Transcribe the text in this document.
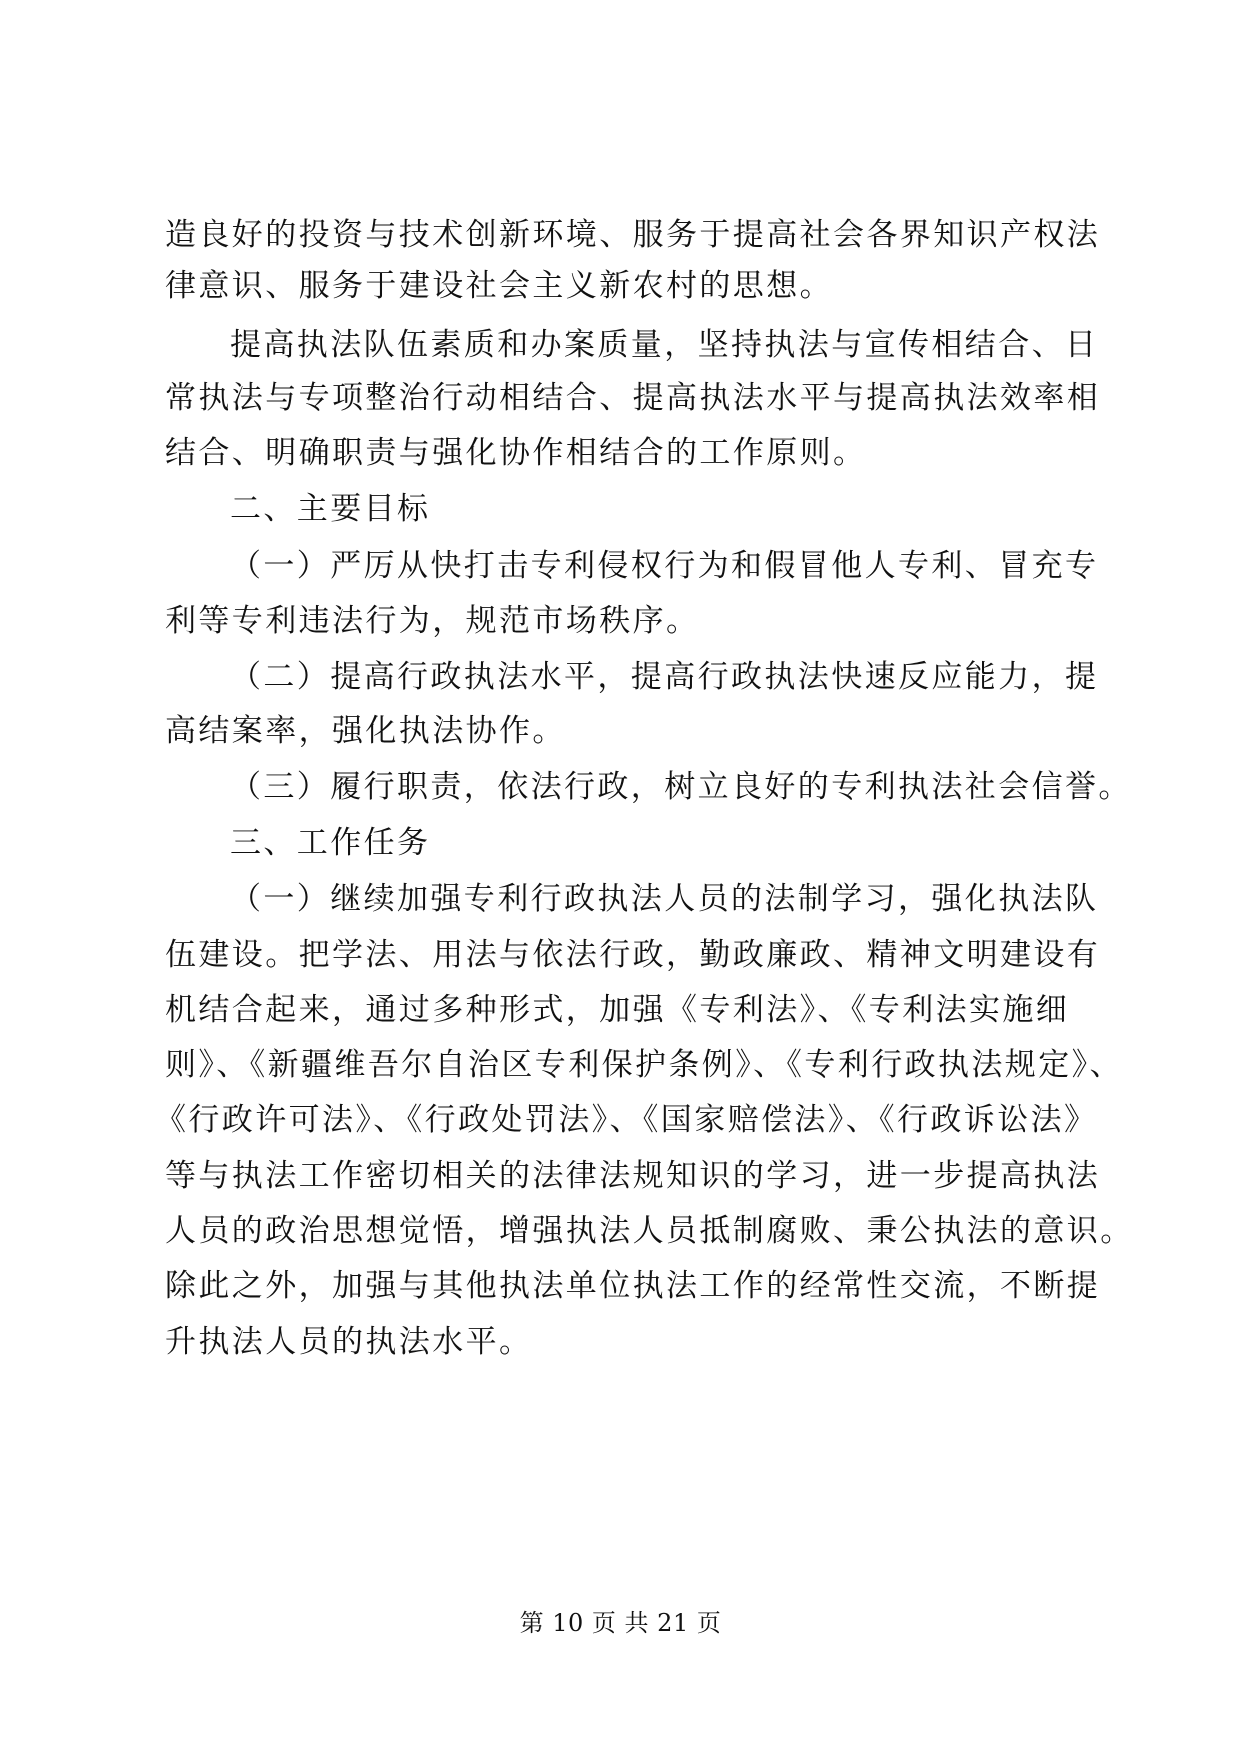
造良好的投资与技术创新环境、服务于提高社会各界知识产权法
律意识、服务于建设社会主义新农村的思想。
提高执法队伍素质和办案质量，坚持执法与宣传相结合、日
常执法与专项整治行动相结合、提高执法水平与提高执法效率相
结合、明确职责与强化协作相结合的工作原则。
二、主要目标
（一）严厉从快打击专利侵权行为和假冒他人专利、冒充专
利等专利违法行为，规范市场秩序。
（二）提高行政执法水平，提高行政执法快速反应能力，提
高结案率，强化执法协作。
（三）履行职责，依法行政，树立良好的专利执法社会信誉。
三、工作任务
（一）继续加强专利行政执法人员的法制学习，强化执法队
伍建设。把学法、用法与依法行政，勤政廉政、精神文明建设有
机结合起来，通过多种形式，加强《专利法》、《专利法实施细
则》、《新疆维吾尔自治区专利保护条例》、《专利行政执法规定》、
《行政许可法》、《行政处罚法》、《国家赔偿法》、《行政诉讼法》
等与执法工作密切相关的法律法规知识的学习，进一步提高执法
人员的政治思想觉悟，增强执法人员抵制腐败、秉公执法的意识。
除此之外，加强与其他执法单位执法工作的经常性交流，不断提
升执法人员的执法水平。
第 10 页 共 21 页
